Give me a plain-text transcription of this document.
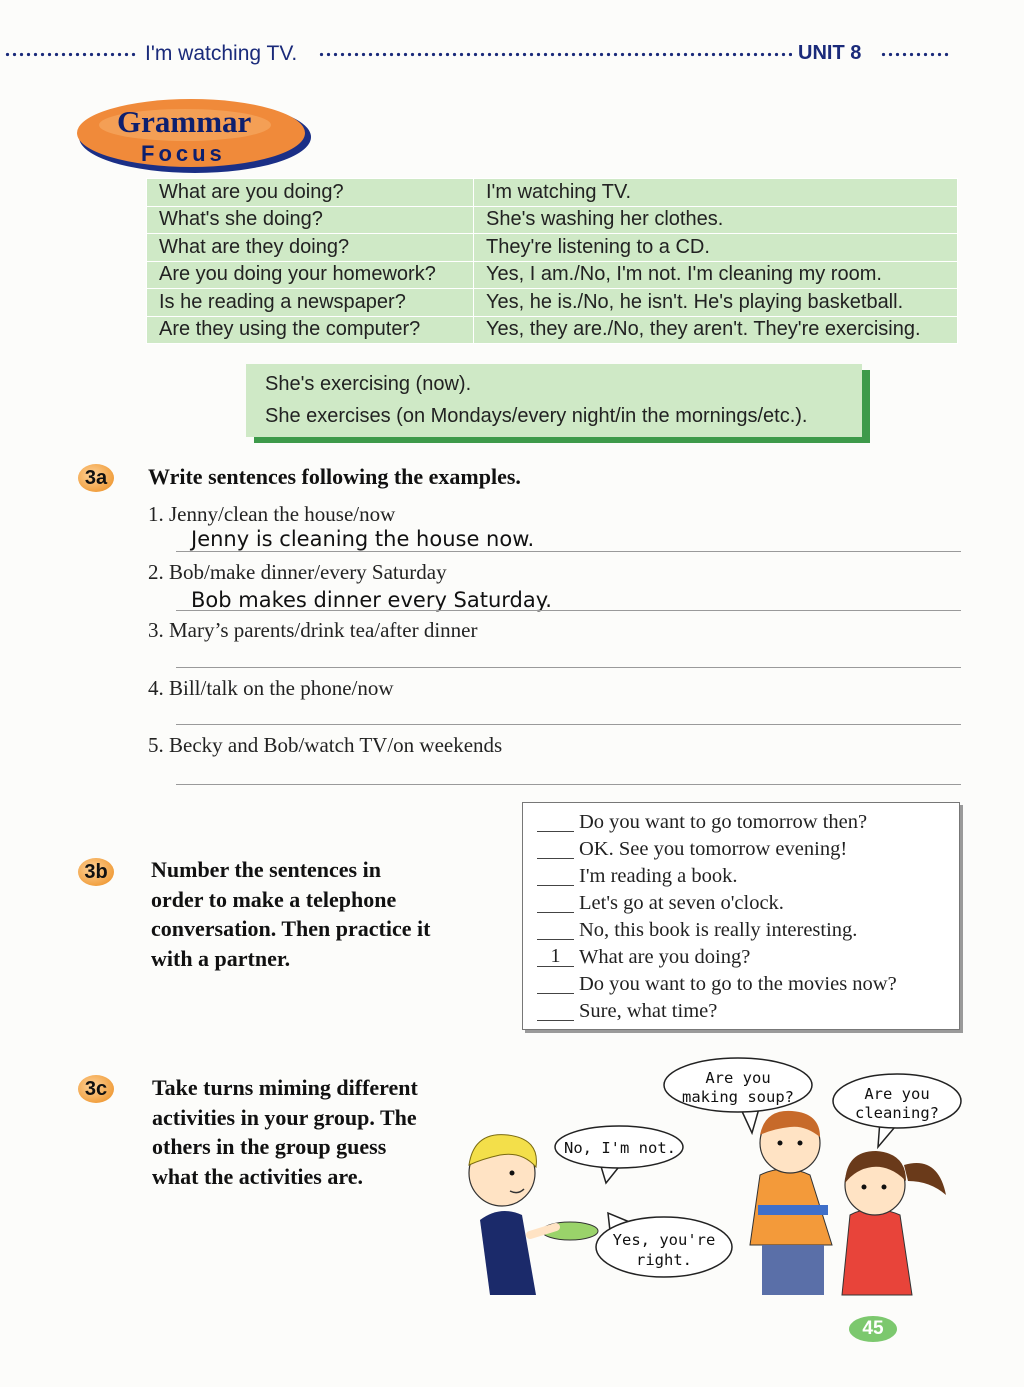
I'm watching TV.	UNIT 8
Grammar
Focus
What are you doing?	I'm watching TV.
What's she doing?	She's washing her clothes.
What are they doing?	They're listening to a CD.
Are you doing your homework?	Yes, I am./No, I'm not. I'm cleaning my room.
Is he reading a newspaper?	Yes, he is./No, he isn't. He's playing basketball.
Are they using the computer?	Yes, they are./No, they aren't. They're exercising.
She's exercising (now).
She exercises (on Mondays/every night/in the mornings/etc.).
3a	Write sentences following the examples.
1. Jenny/clean the house/now
Jenny is cleaning the house now.
2. Bob/make dinner/every Saturday
Bob makes dinner every Saturday.
3. Mary’s parents/drink tea/after dinner
4. Bill/talk on the phone/now
5. Becky and Bob/watch TV/on weekends
3b Number the sentences in
order to make a telephone
conversation. Then practice it
with a partner.
Do you want to go tomorrow then?
OK. See you tomorrow evening!
I'm reading a book.
Let's go at seven o'clock.
No, this book is really interesting.
1 What are you doing?
Do you want to go to the movies now?
Sure, what time?
3c	Take turns miming different
activities in your group. The
others in the group guess
what the activities are.
Are you
making soup?	Are you
cleaning?
No, I'm not.
Yes, you're
right.
45
